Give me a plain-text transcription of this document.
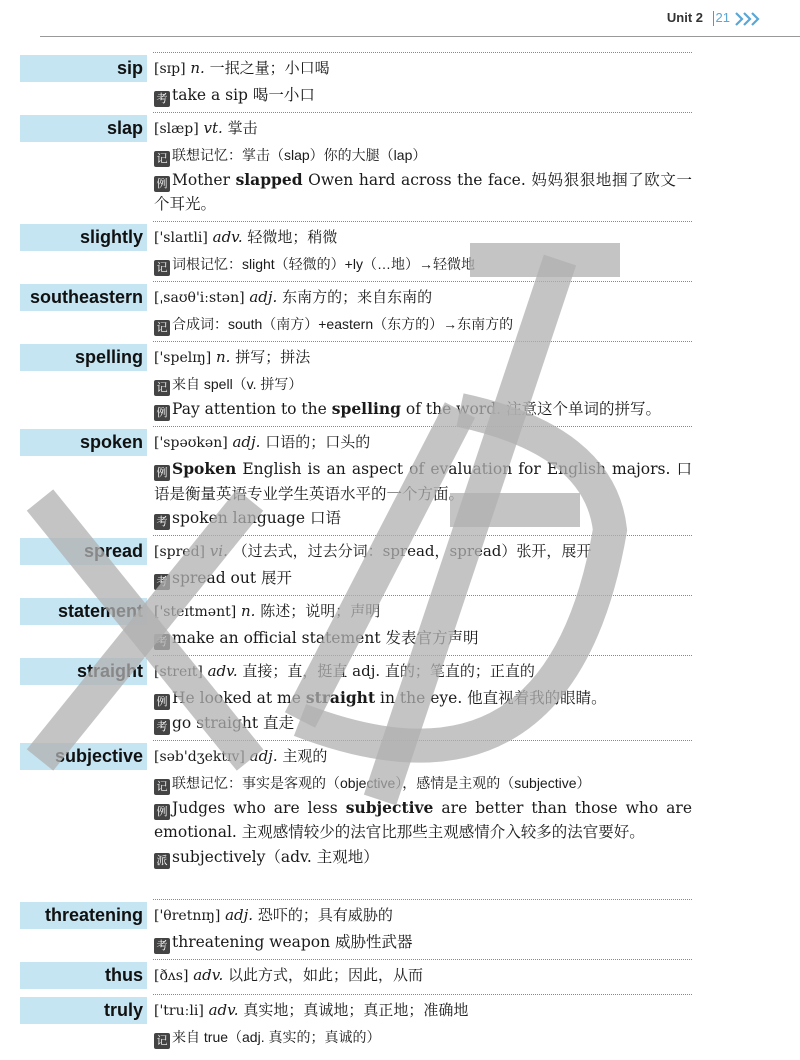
Unit 2 21
sip [sɪp] n. 一抿之量；小口喝

考 take a sip 喝一小口

slap [slæp] vt. 掌击

记 联想记忆：掌击（slap）你的大腿（lap）

例 Mother slapped Owen hard across the face. 妈妈狠狠地掴了欧文一个耳光。

slightly ['slaɪtli] adv. 轻微地；稍微

记 词根记忆：slight（轻微的）+ly（…地）→轻微地

southeastern [ˌsaʊθ'iːstən] adj. 东南方的；来自东南的

记 合成词：south（南方）+eastern（东方的）→东南方的

spelling ['spelɪŋ] n. 拼写；拼法

记 来自 spell（v. 拼写）

例 Pay attention to the spelling of the word. 注意这个单词的拼写。

spoken ['spəʊkən] adj. 口语的；口头的

例 Spoken English is an aspect of evaluation for English majors. 口语是衡量英语专业学生英语水平的一个方面。

考 spoken language 口语

spread [spred] vi. （过去式，过去分词：spread，spread）张开，展开

考 spread out 展开

statement ['steɪtmənt] n. 陈述；说明；声明

考 make an official statement 发表官方声明

straight [streɪt] adv. 直接；直，挺直 adj. 直的；笔直的；正直的

例 He looked at me straight in the eye. 他直视着我的眼睛。

考 go straight 直走

subjective [səb'dʒektɪv] adj. 主观的

记 联想记忆：事实是客观的（objective），感情是主观的（subjective）

例 Judges who are less subjective are better than those who are emotional. 主观感情较少的法官比那些主观感情介入较多的法官要好。

派 subjectively（adv. 主观地）

threatening ['θretnɪŋ] adj. 恐吓的；具有威胁的

考 threatening weapon 威胁性武器

thus [ðʌs] adv. 以此方式，如此；因此，从而

truly ['truːli] adv. 真实地；真诚地；真正地；准确地

记 来自 true（adj. 真实的；真诚的）
